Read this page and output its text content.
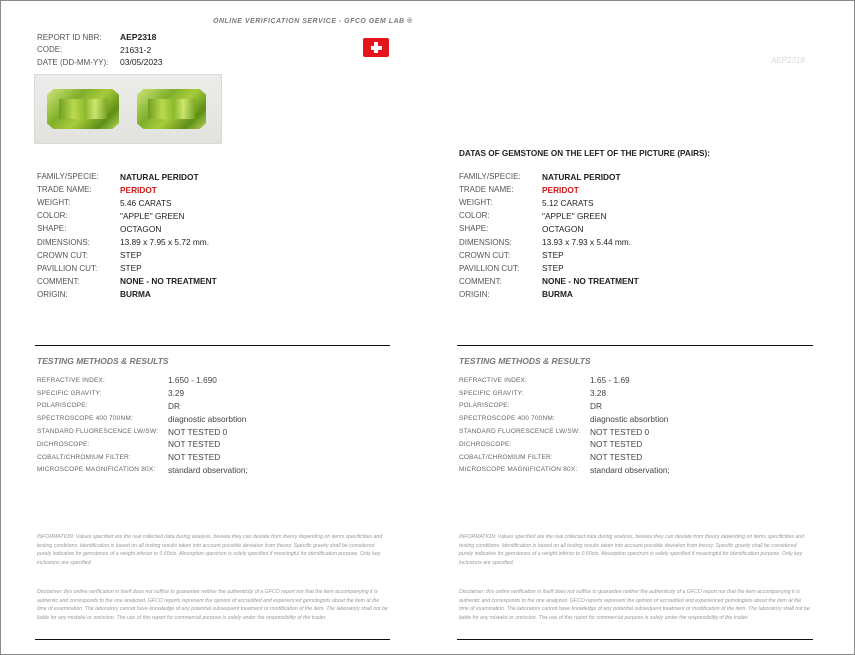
ONLINE VERIFICATION SERVICE - GFCO GEM LAB ®
AEP2318
REPORT ID NBR:	AEP2318
CODE:	21631-2
DATE (DD-MM-YY):	03/05/2023
DATAS OF GEMSTONE ON THE LEFT OF THE PICTURE (PAIRS):
FAMILY/SPECIE:	NATURAL PERIDOT
TRADE NAME:	PERIDOT
WEIGHT:	5.46 CARATS
COLOR:	"APPLE" GREEN
SHAPE:	OCTAGON
DIMENSIONS:	13.89 x 7.95 x 5.72 mm.
CROWN CUT:	STEP
PAVILLION CUT:	STEP
COMMENT:	NONE - NO TREATMENT
ORIGIN:	BURMA
FAMILY/SPECIE:	NATURAL PERIDOT
TRADE NAME:	PERIDOT
WEIGHT:	5.12 CARATS
COLOR:	"APPLE" GREEN
SHAPE:	OCTAGON
DIMENSIONS:	13.93 x 7.93 x 5.44 mm.
CROWN CUT:	STEP
PAVILLION CUT:	STEP
COMMENT:	NONE - NO TREATMENT
ORIGIN:	BURMA
TESTING METHODS & RESULTS	TESTING METHODS & RESULTS
REFRACTIVE INDEX:	1.650 - 1.690
SPECIFIC GRAVITY:	3.29
POLARISCOPE:	DR
SPECTROSCOPE 400 700NM:	diagnostic absorbtion
STANDARD FLUORESCENCE LW/SW:	NOT TESTED 0
DICHROSCOPE:	NOT TESTED
COBALT/CHROMIUM FILTER:	NOT TESTED
MICROSCOPE MAGNIFICATION 80X:	standard observation;
REFRACTIVE INDEX:	1.65 - 1.69
SPECIFIC GRAVITY:	3.28
POLARISCOPE:	DR
SPECTROSCOPE 400 700NM:	diagnostic absorbtion
STANDARD FLUORESCENCE LW/SW:	NOT TESTED 0
DICHROSCOPE:	NOT TESTED
COBALT/CHROMIUM FILTER:	NOT TESTED
MICROSCOPE MAGNIFICATION 80X:	standard observation;
INFORMATION: Values specified are the real collected data during analysis, beware they can deviate from theory depending on items specificities and testing conditions. Identification is based on all testing results taken into account possible deviation from theory. Specific gravity shall be considered purely indicative for gemstones of a weight inferior to 0.60cts. Absorption spectrum is solely specified if meaningful for identification purpose. Only key inclusions are specified.
INFORMATION: Values specified are the real collected data during analysis, beware they can deviate from theory depending on items specificities and testing conditions. Identification is based on all testing results taken into account possible deviation from theory. Specific gravity shall be considered purely indicative for gemstones of a weight inferior to 0.60cts. Absorption spectrum is solely specified if meaningful for identification purpose. Only key inclusions are specified.
Disclaimer: this online verification in itself does not suffice to guarantee neither the authenticity of a GFCO report nor that the item accompanying it is authentic and corresponds to the one analyzed. GFCO reports represent the opinion of accredited and experienced gemologists about the item at the time of examination. The laboratory cannot have knowledge of any potential subsequent treatment or modification of the item. The laboratory shall not be liable for any mistake or omission. The use of this report for commercial purpose is solely under the responsibility of the trader.
Disclaimer: this online verification in itself does not suffice to guarantee neither the authenticity of a GFCO report nor that the item accompanying it is authentic and corresponds to the one analyzed. GFCO reports represent the opinion of accredited and experienced gemologists about the item at the time of examination. The laboratory cannot have knowledge of any potential subsequent treatment or modification of the item. The laboratory shall not be liable for any mistake or omission. The use of this report for commercial purpose is solely under the responsibility of the trader.
